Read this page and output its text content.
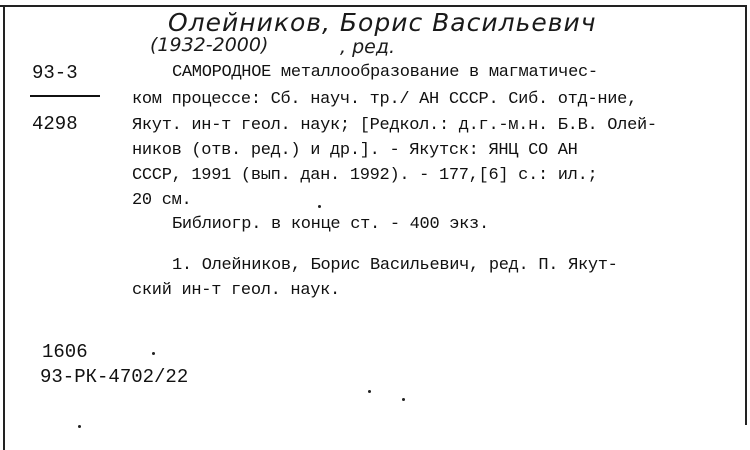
Олейников, Борис Васильевич
(1932-2000)	, ред.
93-3
4298
САМОРОДНОЕ металлообразование в магматичес-
ком процессе: Сб. науч. тр./ АН СССР. Сиб. отд-ние,
Якут. ин-т геол. наук; [Редкол.: д.г.-м.н. Б.В. Олей-
ников (отв. ред.) и др.]. - Якутск: ЯНЦ СО АН
СССР, 1991 (вып. дан. 1992). - 177,[6] с.: ил.;
20 см.
Библиогр. в конце ст. - 400 экз.
1. Олейников, Борис Васильевич, ред. П. Якут-
ский ин-т геол. наук.
1606
93-РК-4702/22
